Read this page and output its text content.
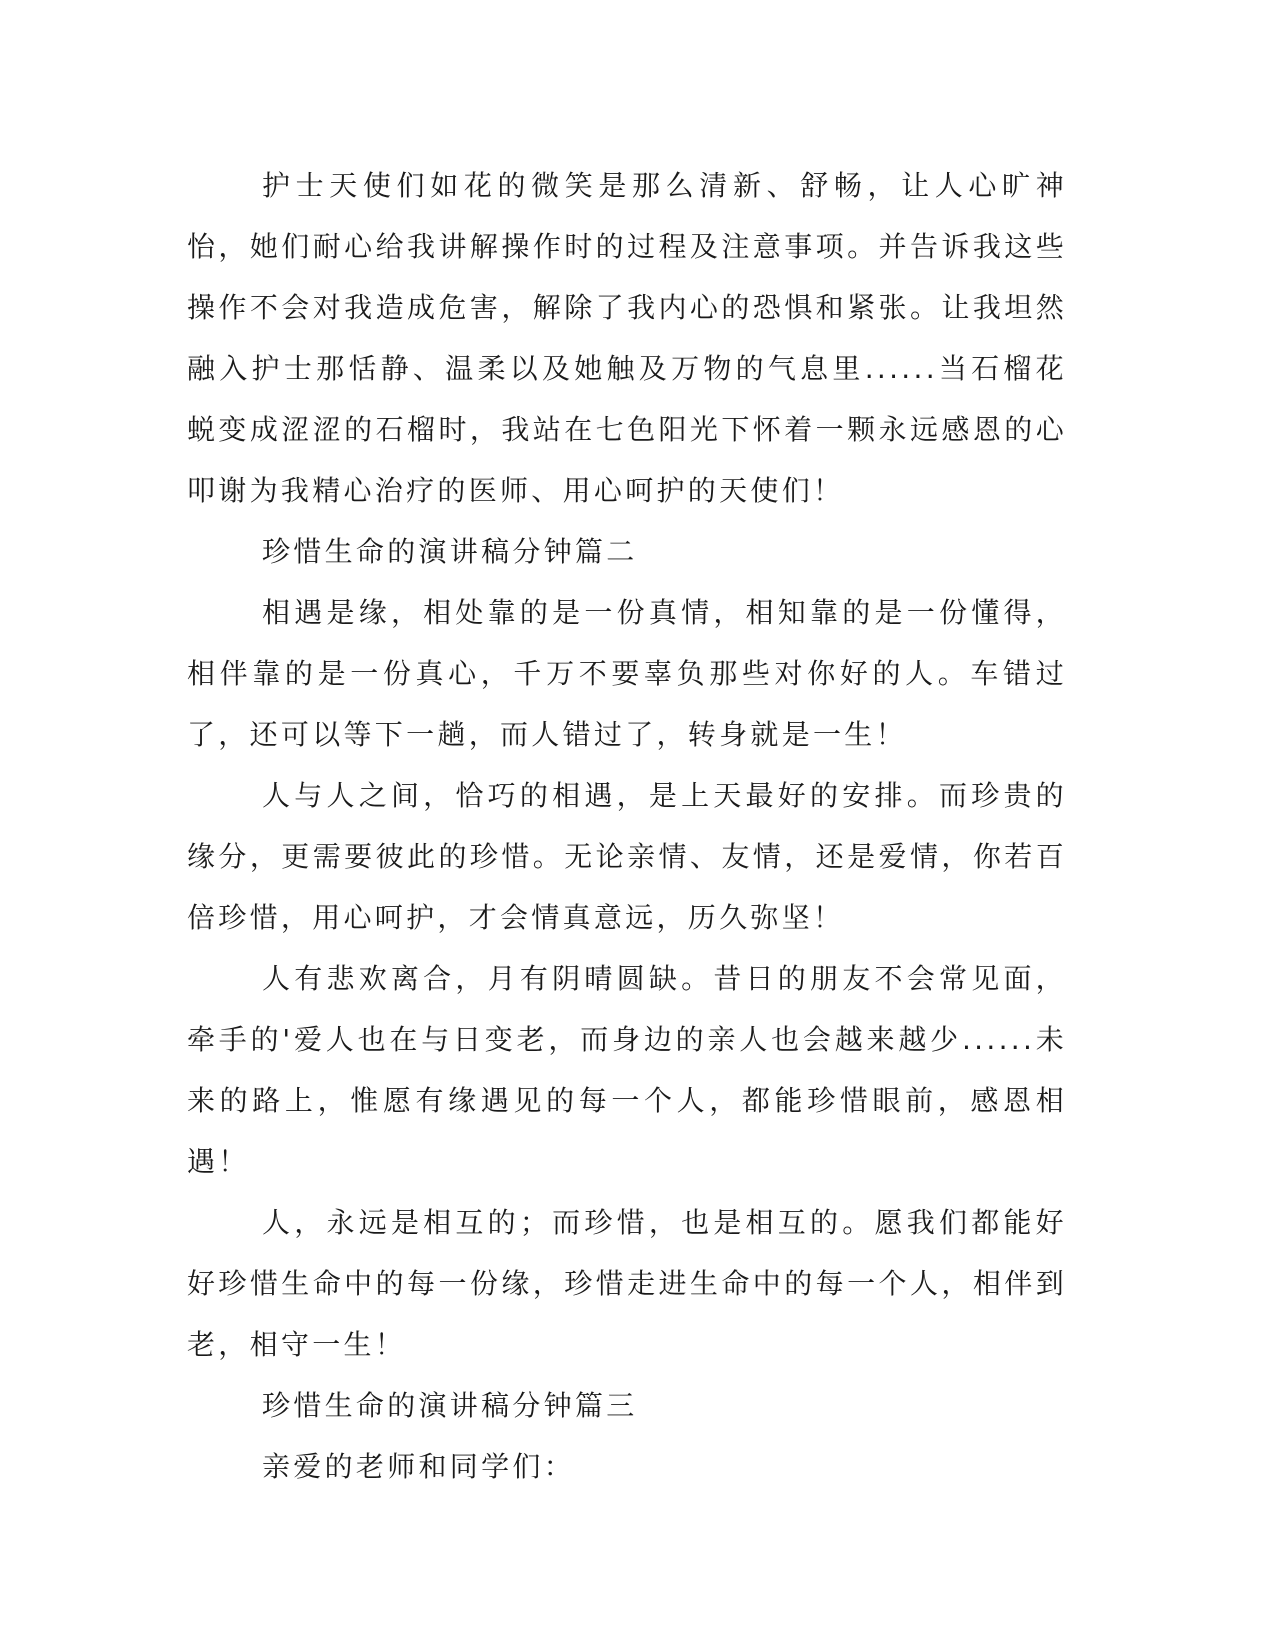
护士天使们如花的微笑是那么清新、舒畅，让人心旷神怡，她们耐心给我讲解操作时的过程及注意事项。并告诉我这些操作不会对我造成危害，解除了我内心的恐惧和紧张。让我坦然融入护士那恬静、温柔以及她触及万物的气息里......当石榴花蜕变成涩涩的石榴时，我站在七色阳光下怀着一颗永远感恩的心叩谢为我精心治疗的医师、用心呵护的天使们！

珍惜生命的演讲稿分钟篇二

相遇是缘，相处靠的是一份真情，相知靠的是一份懂得，相伴靠的是一份真心，千万不要辜负那些对你好的人。车错过了，还可以等下一趟，而人错过了，转身就是一生！

人与人之间，恰巧的相遇，是上天最好的安排。而珍贵的缘分，更需要彼此的珍惜。无论亲情、友情，还是爱情，你若百倍珍惜，用心呵护，才会情真意远，历久弥坚！

人有悲欢离合，月有阴晴圆缺。昔日的朋友不会常见面，牵手的'爱人也在与日变老，而身边的亲人也会越来越少......未来的路上，惟愿有缘遇见的每一个人，都能珍惜眼前，感恩相遇！

人，永远是相互的；而珍惜，也是相互的。愿我们都能好好珍惜生命中的每一份缘，珍惜走进生命中的每一个人，相伴到老，相守一生！

珍惜生命的演讲稿分钟篇三

亲爱的老师和同学们：
